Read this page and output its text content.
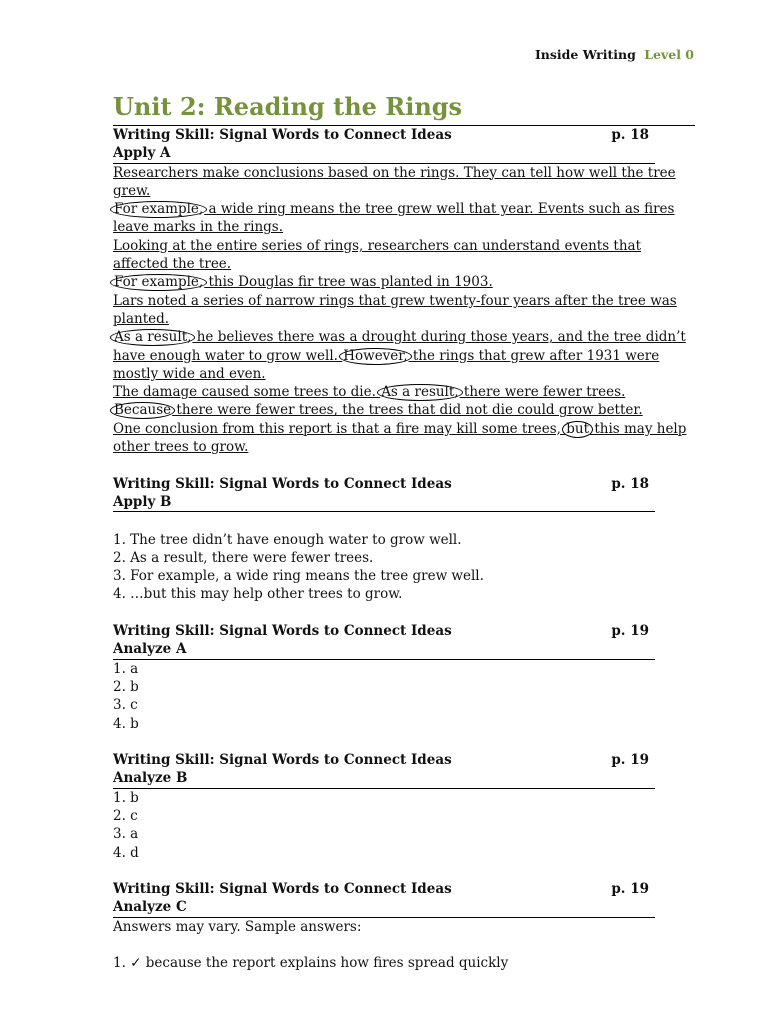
Inside Writing Level 0
Unit 2: Reading the Rings
Writing Skill: Signal Words to Connect Ideas	p. 18
Apply A
Researchers make conclusions based on the rings. They can tell how well the tree grew.
For example, a wide ring means the tree grew well that year. Events such as fires leave marks in the rings.
Looking at the entire series of rings, researchers can understand events that affected the tree.
For example, this Douglas fir tree was planted in 1903.
Lars noted a series of narrow rings that grew twenty-four years after the tree was planted.
As a result, he believes there was a drought during those years, and the tree didn’t have enough water to grow well. However, the rings that grew after 1931 were mostly wide and even.
The damage caused some trees to die. As a result, there were fewer trees.
Because there were fewer trees, the trees that did not die could grow better.
One conclusion from this report is that a fire may kill some trees, but this may help other trees to grow.
Writing Skill: Signal Words to Connect Ideas	p. 18
Apply B
1. The tree didn’t have enough water to grow well.
2. As a result, there were fewer trees.
3. For example, a wide ring means the tree grew well.
4. …but this may help other trees to grow.
Writing Skill: Signal Words to Connect Ideas	p. 19
Analyze A
1. a
2. b
3. c
4. b
Writing Skill: Signal Words to Connect Ideas	p. 19
Analyze B
1. b
2. c
3. a
4. d
Writing Skill: Signal Words to Connect Ideas	p. 19
Analyze C
Answers may vary. Sample answers:
1. ✓ because the report explains how fires spread quickly
